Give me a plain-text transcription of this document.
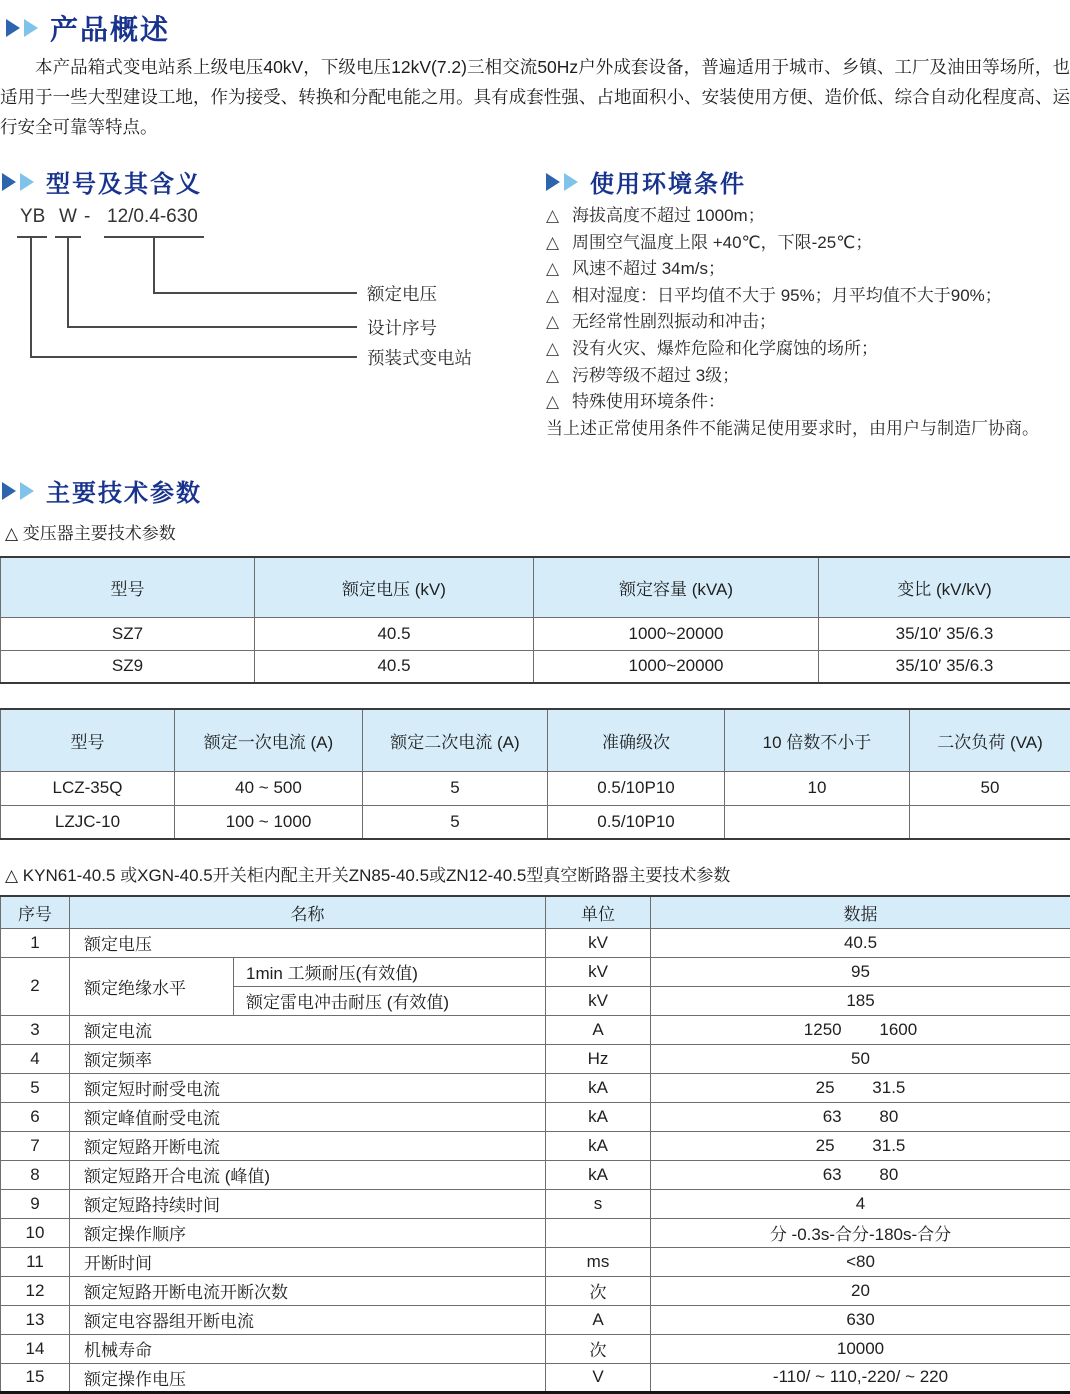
产品概述
本产品箱式变电站系上级电压40kV，下级电压12kV(7.2)三相交流50Hz户外成套设备，普遍适用于城市、乡镇、工厂及油田等场所，也适用于一些大型建设工地，作为接受、转换和分配电能之用。具有成套性强、占地面积小、安装使用方便、造价低、综合自动化程度高、运行安全可靠等特点。
型号及其含义	使用环境条件
YB W - 12/0.4-630
额定电压
设计序号
预装式变电站
△ 海拔高度不超过 1000m；
△ 周围空气温度上限 +40℃，下限-25℃；
△ 风速不超过 34m/s；
△ 相对湿度：日平均值不大于 95%；月平均值不大于90%；
△ 无经常性剧烈振动和冲击；
△ 没有火灾、爆炸危险和化学腐蚀的场所；
△ 污秽等级不超过 3级；
△ 特殊使用环境条件：
当上述正常使用条件不能满足使用要求时，由用户与制造厂协商。
主要技术参数
△ 变压器主要技术参数
型号	额定电压 (kV)	额定容量 (kVA)	变比 (kV/kV)
SZ7	40.5	1000~20000	35/10′ 35/6.3
SZ9	40.5	1000~20000	35/10′ 35/6.3
型号	额定一次电流 (A)	额定二次电流 (A)	准确级次	10 倍数不小于	二次负荷 (VA)
LCZ-35Q	40 ~ 500	5	0.5/10P10	10	50
LZJC-10	100 ~ 1000	5	0.5/10P10		
△ KYN61-40.5 或XGN-40.5开关柜内配主开关ZN85-40.5或ZN12-40.5型真空断路器主要技术参数
序号	名称		单位	数据
1	额定电压		kV	40.5
2	额定绝缘水平	1min 工频耐压(有效值)	kV	95
		额定雷电冲击耐压 (有效值)	kV	185
3	额定电流		A	1250        1600
4	额定频率		Hz	50
5	额定短时耐受电流		kA	25        31.5
6	额定峰值耐受电流		kA	63        80
7	额定短路开断电流		kA	25        31.5
8	额定短路开合电流 (峰值)		kA	63        80
9	额定短路持续时间		s	4
10	额定操作顺序			分 -0.3s-合分-180s-合分
11	开断时间		ms	<80
12	额定短路开断电流开断次数		次	20
13	额定电容器组开断电流		A	630
14	机械寿命		次	10000
15	额定操作电压		V	-110/ ~ 110,-220/ ~ 220
